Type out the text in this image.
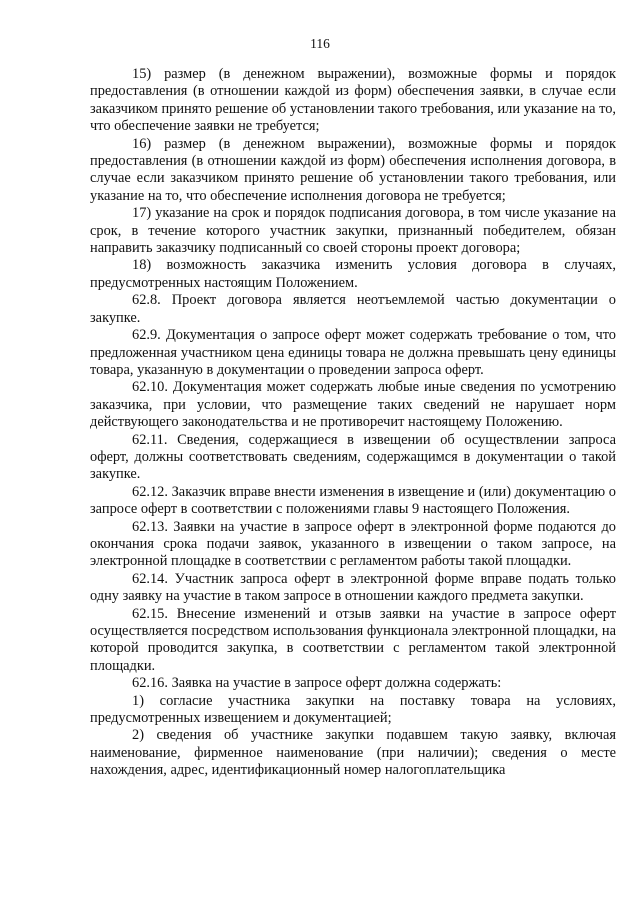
116

15) размер (в денежном выражении), возможные формы и порядок предоставления (в отношении каждой из форм) обеспечения заявки, в случае если заказчиком принято решение об установлении такого требования, или указание на то, что обеспечение заявки не требуется;

16) размер (в денежном выражении), возможные формы и порядок предоставления (в отношении каждой из форм) обеспечения исполнения договора, в случае если заказчиком принято решение об установлении такого требования, или указание на то, что обеспечение исполнения договора не требуется;

17) указание на срок и порядок подписания договора, в том числе указание на срок, в течение которого участник закупки, признанный победителем, обязан направить заказчику подписанный со своей стороны проект договора;

18) возможность заказчика изменить условия договора в случаях, предусмотренных настоящим Положением.

62.8. Проект договора является неотъемлемой частью документации о закупке.

62.9. Документация о запросе оферт может содержать требование о том, что предложенная участником цена единицы товара не должна превышать цену единицы товара, указанную в документации о проведении запроса оферт.

62.10. Документация может содержать любые иные сведения по усмотрению заказчика, при условии, что размещение таких сведений не нарушает норм действующего законодательства и не противоречит настоящему Положению.

62.11. Сведения, содержащиеся в извещении об осуществлении запроса оферт, должны соответствовать сведениям, содержащимся в документации о такой закупке.

62.12. Заказчик вправе внести изменения в извещение и (или) документацию о запросе оферт в соответствии с положениями главы 9 настоящего Положения.

62.13. Заявки на участие в запросе оферт в электронной форме подаются до окончания срока подачи заявок, указанного в извещении о таком запросе, на электронной площадке в соответствии с регламентом работы такой площадки.

62.14. Участник запроса оферт в электронной форме вправе подать только одну заявку на участие в таком запросе в отношении каждого предмета закупки.

62.15. Внесение изменений и отзыв заявки на участие в запросе оферт осуществляется посредством использования функционала электронной площадки, на которой проводится закупка, в соответствии с регламентом такой электронной площадки.

62.16. Заявка на участие в запросе оферт должна содержать:

1) согласие участника закупки на поставку товара на условиях, предусмотренных извещением и документацией;

2) сведения об участнике закупки подавшем такую заявку, включая наименование, фирменное наименование (при наличии); сведения о месте нахождения, адрес, идентификационный номер налогоплательщика
